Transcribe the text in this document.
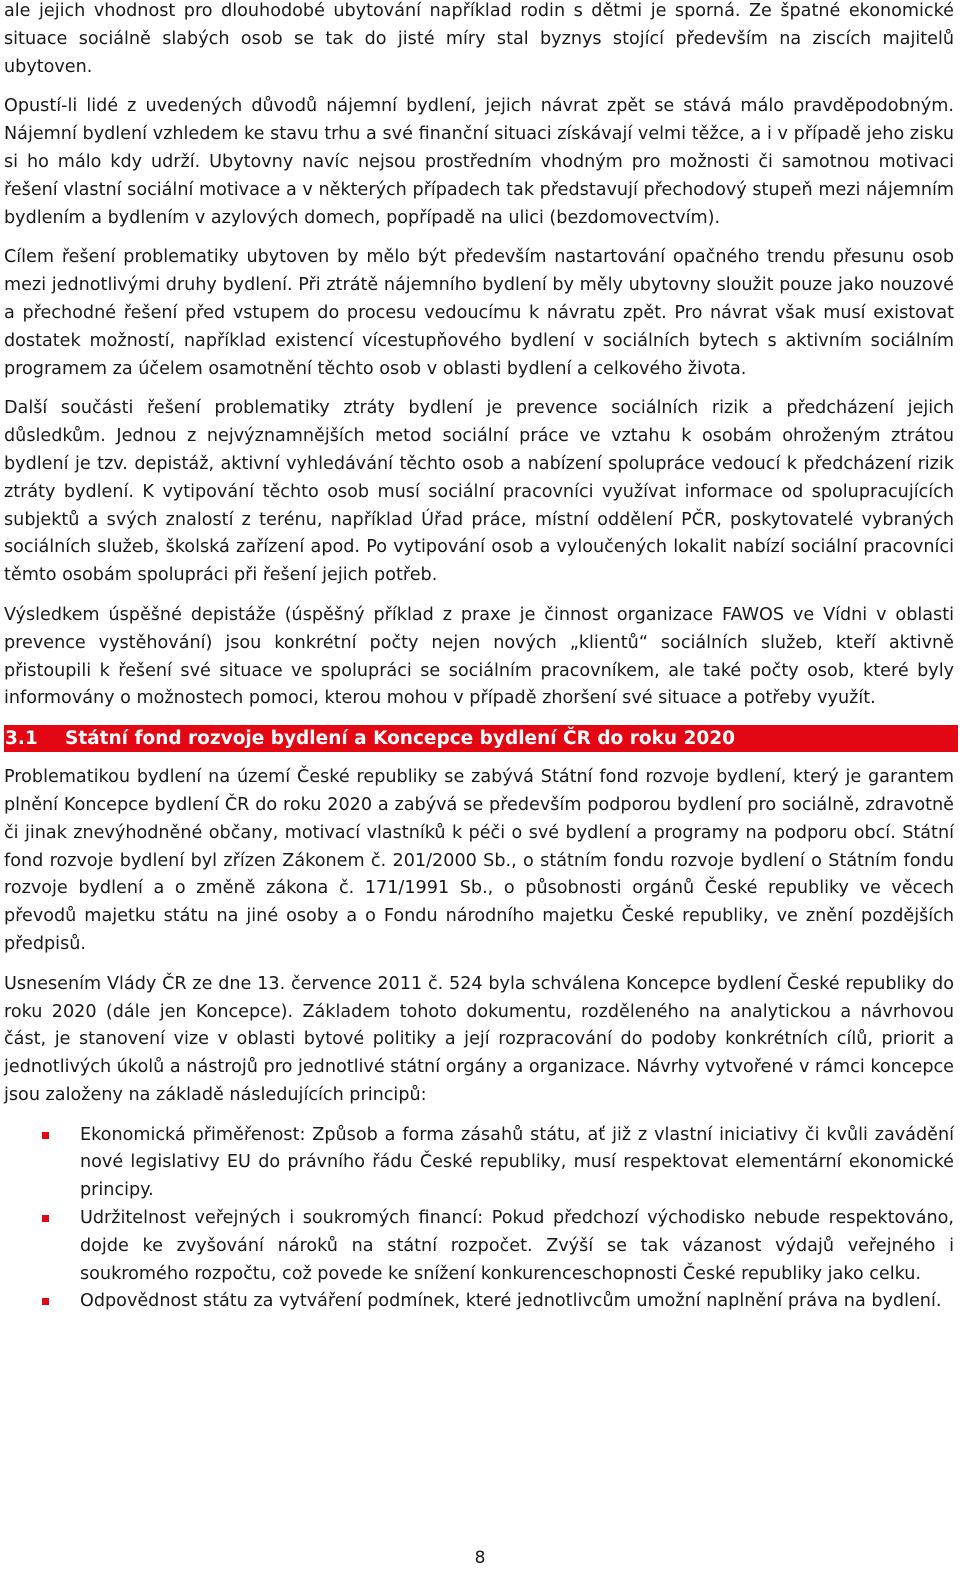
ale jejich vhodnost pro dlouhodobé ubytování například rodin s dětmi je sporná. Ze špatné ekonomické situace sociálně slabých osob se tak do jisté míry stal byznys stojící především na ziscích majitelů ubytoven.

Opustí-li lidé z uvedených důvodů nájemní bydlení, jejich návrat zpět se stává málo pravděpodobným. Nájemní bydlení vzhledem ke stavu trhu a své finanční situaci získávají velmi těžce, a i v případě jeho zisku si ho málo kdy udrží. Ubytovny navíc nejsou prostředním vhodným pro možnosti či samotnou motivaci řešení vlastní sociální motivace a v některých případech tak představují přechodový stupeň mezi nájemním bydlením a bydlením v azylových domech, popřípadě na ulici (bezdomovectvím).

Cílem řešení problematiky ubytoven by mělo být především nastartování opačného trendu přesunu osob mezi jednotlivými druhy bydlení. Při ztrátě nájemního bydlení by měly ubytovny sloužit pouze jako nouzové a přechodné řešení před vstupem do procesu vedoucímu k návratu zpět. Pro návrat však musí existovat dostatek možností, například existencí vícestupňového bydlení v sociálních bytech s aktivním sociálním programem za účelem osamotnění těchto osob v oblasti bydlení a celkového života.

Další součásti řešení problematiky ztráty bydlení je prevence sociálních rizik a předcházení jejich důsledkům. Jednou z nejvýznamnějších metod sociální práce ve vztahu k osobám ohroženým ztrátou bydlení je tzv. depistáž, aktivní vyhledávání těchto osob a nabízení spolupráce vedoucí k předcházení rizik ztráty bydlení. K vytipování těchto osob musí sociální pracovníci využívat informace od spolupracujících subjektů a svých znalostí z terénu, například Úřad práce, místní oddělení PČR, poskytovatelé vybraných sociálních služeb, školská zařízení apod. Po vytipování osob a vyloučených lokalit nabízí sociální pracovníci těmto osobám spolupráci při řešení jejich potřeb.

Výsledkem úspěšné depistáže (úspěšný příklad z praxe je činnost organizace FAWOS ve Vídni v oblasti prevence vystěhování) jsou konkrétní počty nejen nových „klientů“ sociálních služeb, kteří aktivně přistoupili k řešení své situace ve spolupráci se sociálním pracovníkem, ale také počty osob, které byly informovány o možnostech pomoci, kterou mohou v případě zhoršení své situace a potřeby využít.

3.1 Státní fond rozvoje bydlení a Koncepce bydlení ČR do roku 2020

Problematikou bydlení na území České republiky se zabývá Státní fond rozvoje bydlení, který je garantem plnění Koncepce bydlení ČR do roku 2020 a zabývá se především podporou bydlení pro sociálně, zdravotně či jinak znevýhodněné občany, motivací vlastníků k péči o své bydlení a programy na podporu obcí. Státní fond rozvoje bydlení byl zřízen Zákonem č. 201/2000 Sb., o státním fondu rozvoje bydlení o Státním fondu rozvoje bydlení a o změně zákona č. 171/1991 Sb., o působnosti orgánů České republiky ve věcech převodů majetku státu na jiné osoby a o Fondu národního majetku České republiky, ve znění pozdějších předpisů.

Usnesením Vlády ČR ze dne 13. července 2011 č. 524 byla schválena Koncepce bydlení České republiky do roku 2020 (dále jen Koncepce). Základem tohoto dokumentu, rozděleného na analytickou a návrhovou část, je stanovení vize v oblasti bytové politiky a její rozpracování do podoby konkrétních cílů, priorit a jednotlivých úkolů a nástrojů pro jednotlivé státní orgány a organizace. Návrhy vytvořené v rámci koncepce jsou založeny na základě následujících principů:

Ekonomická přiměřenost: Způsob a forma zásahů státu, ať již z vlastní iniciativy či kvůli zavádění nové legislativy EU do právního řádu České republiky, musí respektovat elementární ekonomické principy.
Udržitelnost veřejných i soukromých financí: Pokud předchozí východisko nebude respektováno, dojde ke zvyšování nároků na státní rozpočet. Zvýší se tak vázanost výdajů veřejného i soukromého rozpočtu, což povede ke snížení konkurenceschopnosti České republiky jako celku.
Odpovědnost státu za vytváření podmínek, které jednotlivcům umožní naplnění práva na bydlení.
8
